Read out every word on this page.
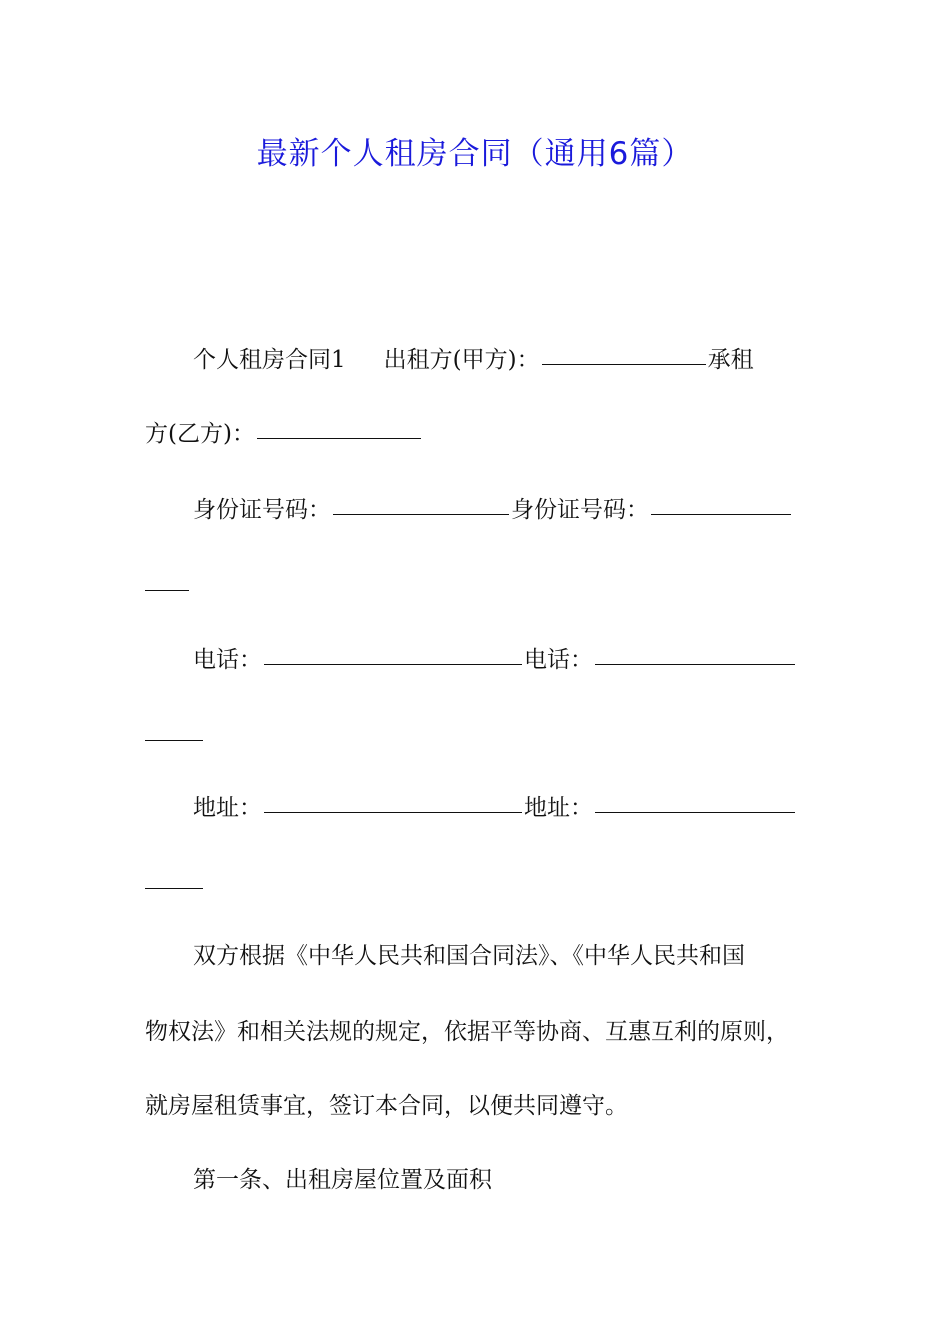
最新个人租房合同（通用6篇）
个人租房合同1 出租方(甲方)：	承租
方(乙方)：
身份证号码：	身份证号码：
电话：	电话：
地址：	地址：
双方根据《中华人民共和国合同法》、《中华人民共和国
物权法》和相关法规的规定，依据平等协商、互惠互利的原则，
就房屋租赁事宜，签订本合同，以便共同遵守。
第一条、出租房屋位置及面积
